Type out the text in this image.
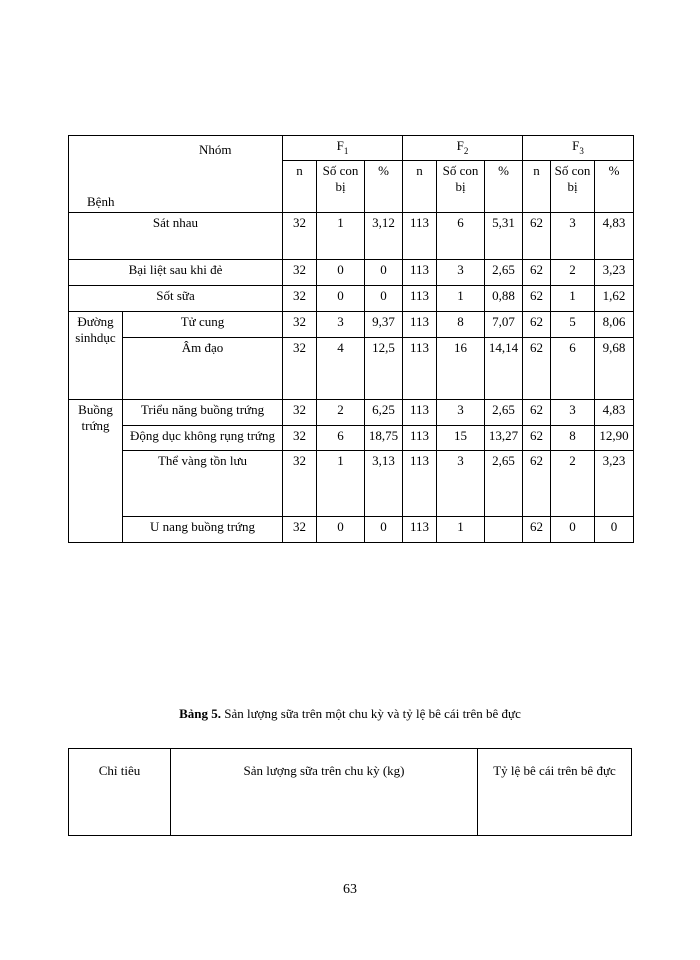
Nhóm
Bệnh		$F_1$			$F_2$			$F_3$
		n	Số con bị	%	n	Số con bị	%	n	Số con bị	%
Sát nhau		32	1	3,12	113	6	5,31	62	3	4,83
Bại liệt sau khi đẻ		32	0	0	113	3	2,65	62	2	3,23
Sốt sữa		32	0	0	113	1	0,88	62	1	1,62
Đường sinhdục	Tử cung	32	3	9,37	113	8	7,07	62	5	8,06
	Âm đạo	32	4	12,5	113	16	14,14	62	6	9,68
Buồng trứng	Triểu năng buồng trứng	32	2	6,25	113	3	2,65	62	3	4,83
	Động dục không rụng trứng	32	6	18,75	113	15	13,27	62	8	12,90
	Thể vàng tồn lưu	32	1	3,13	113	3	2,65	62	2	3,23
	U nang buồng trứng	32	0	0	113	1		62	0	0
Bảng 5. Sản lượng sữa trên một chu kỳ và tỷ lệ bê cái trên bê đực
Chỉ tiêu	Sản lượng sữa trên chu kỳ (kg)	Tỷ lệ bê cái trên bê đực
63
